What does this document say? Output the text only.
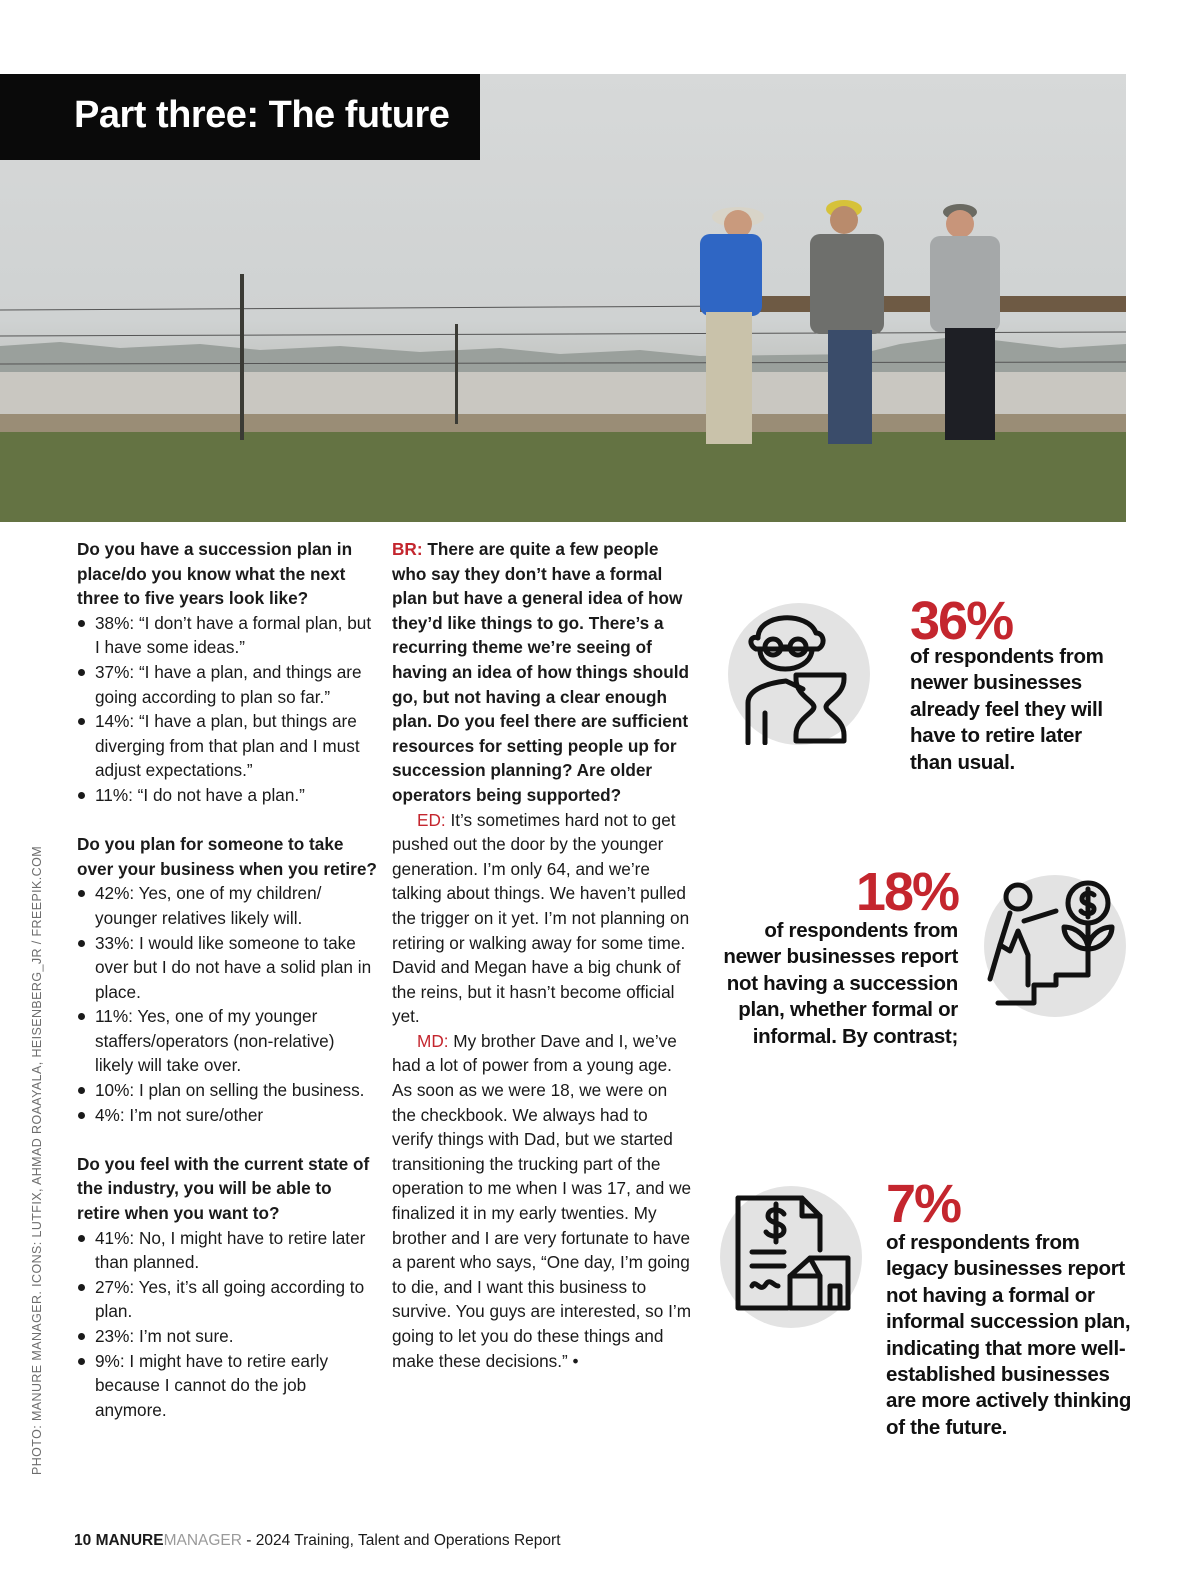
Part three: The future
PHOTO: MANURE MANAGER. ICONS: LUTFIX, AHMAD ROAAYALA, HEISENBERG_JR / FREEPIK.COM

Do you have a succession plan in place/do you know what the next three to five years look like?

38%: “I don’t have a formal plan, but I have some ideas.”
37%: “I have a plan, and things are going according to plan so far.”
14%: “I have a plan, but things are diverging from that plan and I must adjust expectations.”
11%: “I do not have a plan.”

Do you plan for someone to take over your business when you retire?

42%: Yes, one of my children/ younger relatives likely will.
33%: I would like someone to take over but I do not have a solid plan in place.
11%: Yes, one of my younger staffers/operators (non-relative) likely will take over.
10%: I plan on selling the business.
4%: I’m not sure/other

Do you feel with the current state of the industry, you will be able to retire when you want to?

41%: No, I might have to retire later than planned.
27%: Yes, it’s all going according to plan.
23%: I’m not sure.
9%: I might have to retire early because I cannot do the job anymore.

BR: There are quite a few people who say they don’t have a formal plan but have a general idea of how they’d like things to go. There’s a recurring theme we’re seeing of having an idea of how things should go, but not having a clear enough plan. Do you feel there are sufficient resources for setting people up for succession planning? Are older operators being supported?

ED: It’s sometimes hard not to get pushed out the door by the younger generation. I’m only 64, and we’re talking about things. We haven’t pulled the trigger on it yet. I’m not planning on retiring or walking away for some time. David and Megan have a big chunk of the reins, but it hasn’t become official yet.

MD: My brother Dave and I, we’ve had a lot of power from a young age. As soon as we were 18, we were on the checkbook. We always had to verify things with Dad, but we started transitioning the trucking part of the operation to me when I was 17, and we finalized it in my early twenties. My brother and I are very fortunate to have a parent who says, “One day, I’m going to die, and I want this business to survive. You guys are interested, so I’m going to let you do these things and make these decisions.” •

36%
of respondents from newer businesses already feel they will have to retire later than usual.
18%
of respondents from newer businesses report not having a succession plan, whether formal or informal. By contrast;
7%
of respondents from legacy businesses report not having a formal or informal succession plan, indicating that more well-established businesses are more actively thinking of the future.
10 MANUREMANAGER - 2024 Training, Talent and Operations Report
